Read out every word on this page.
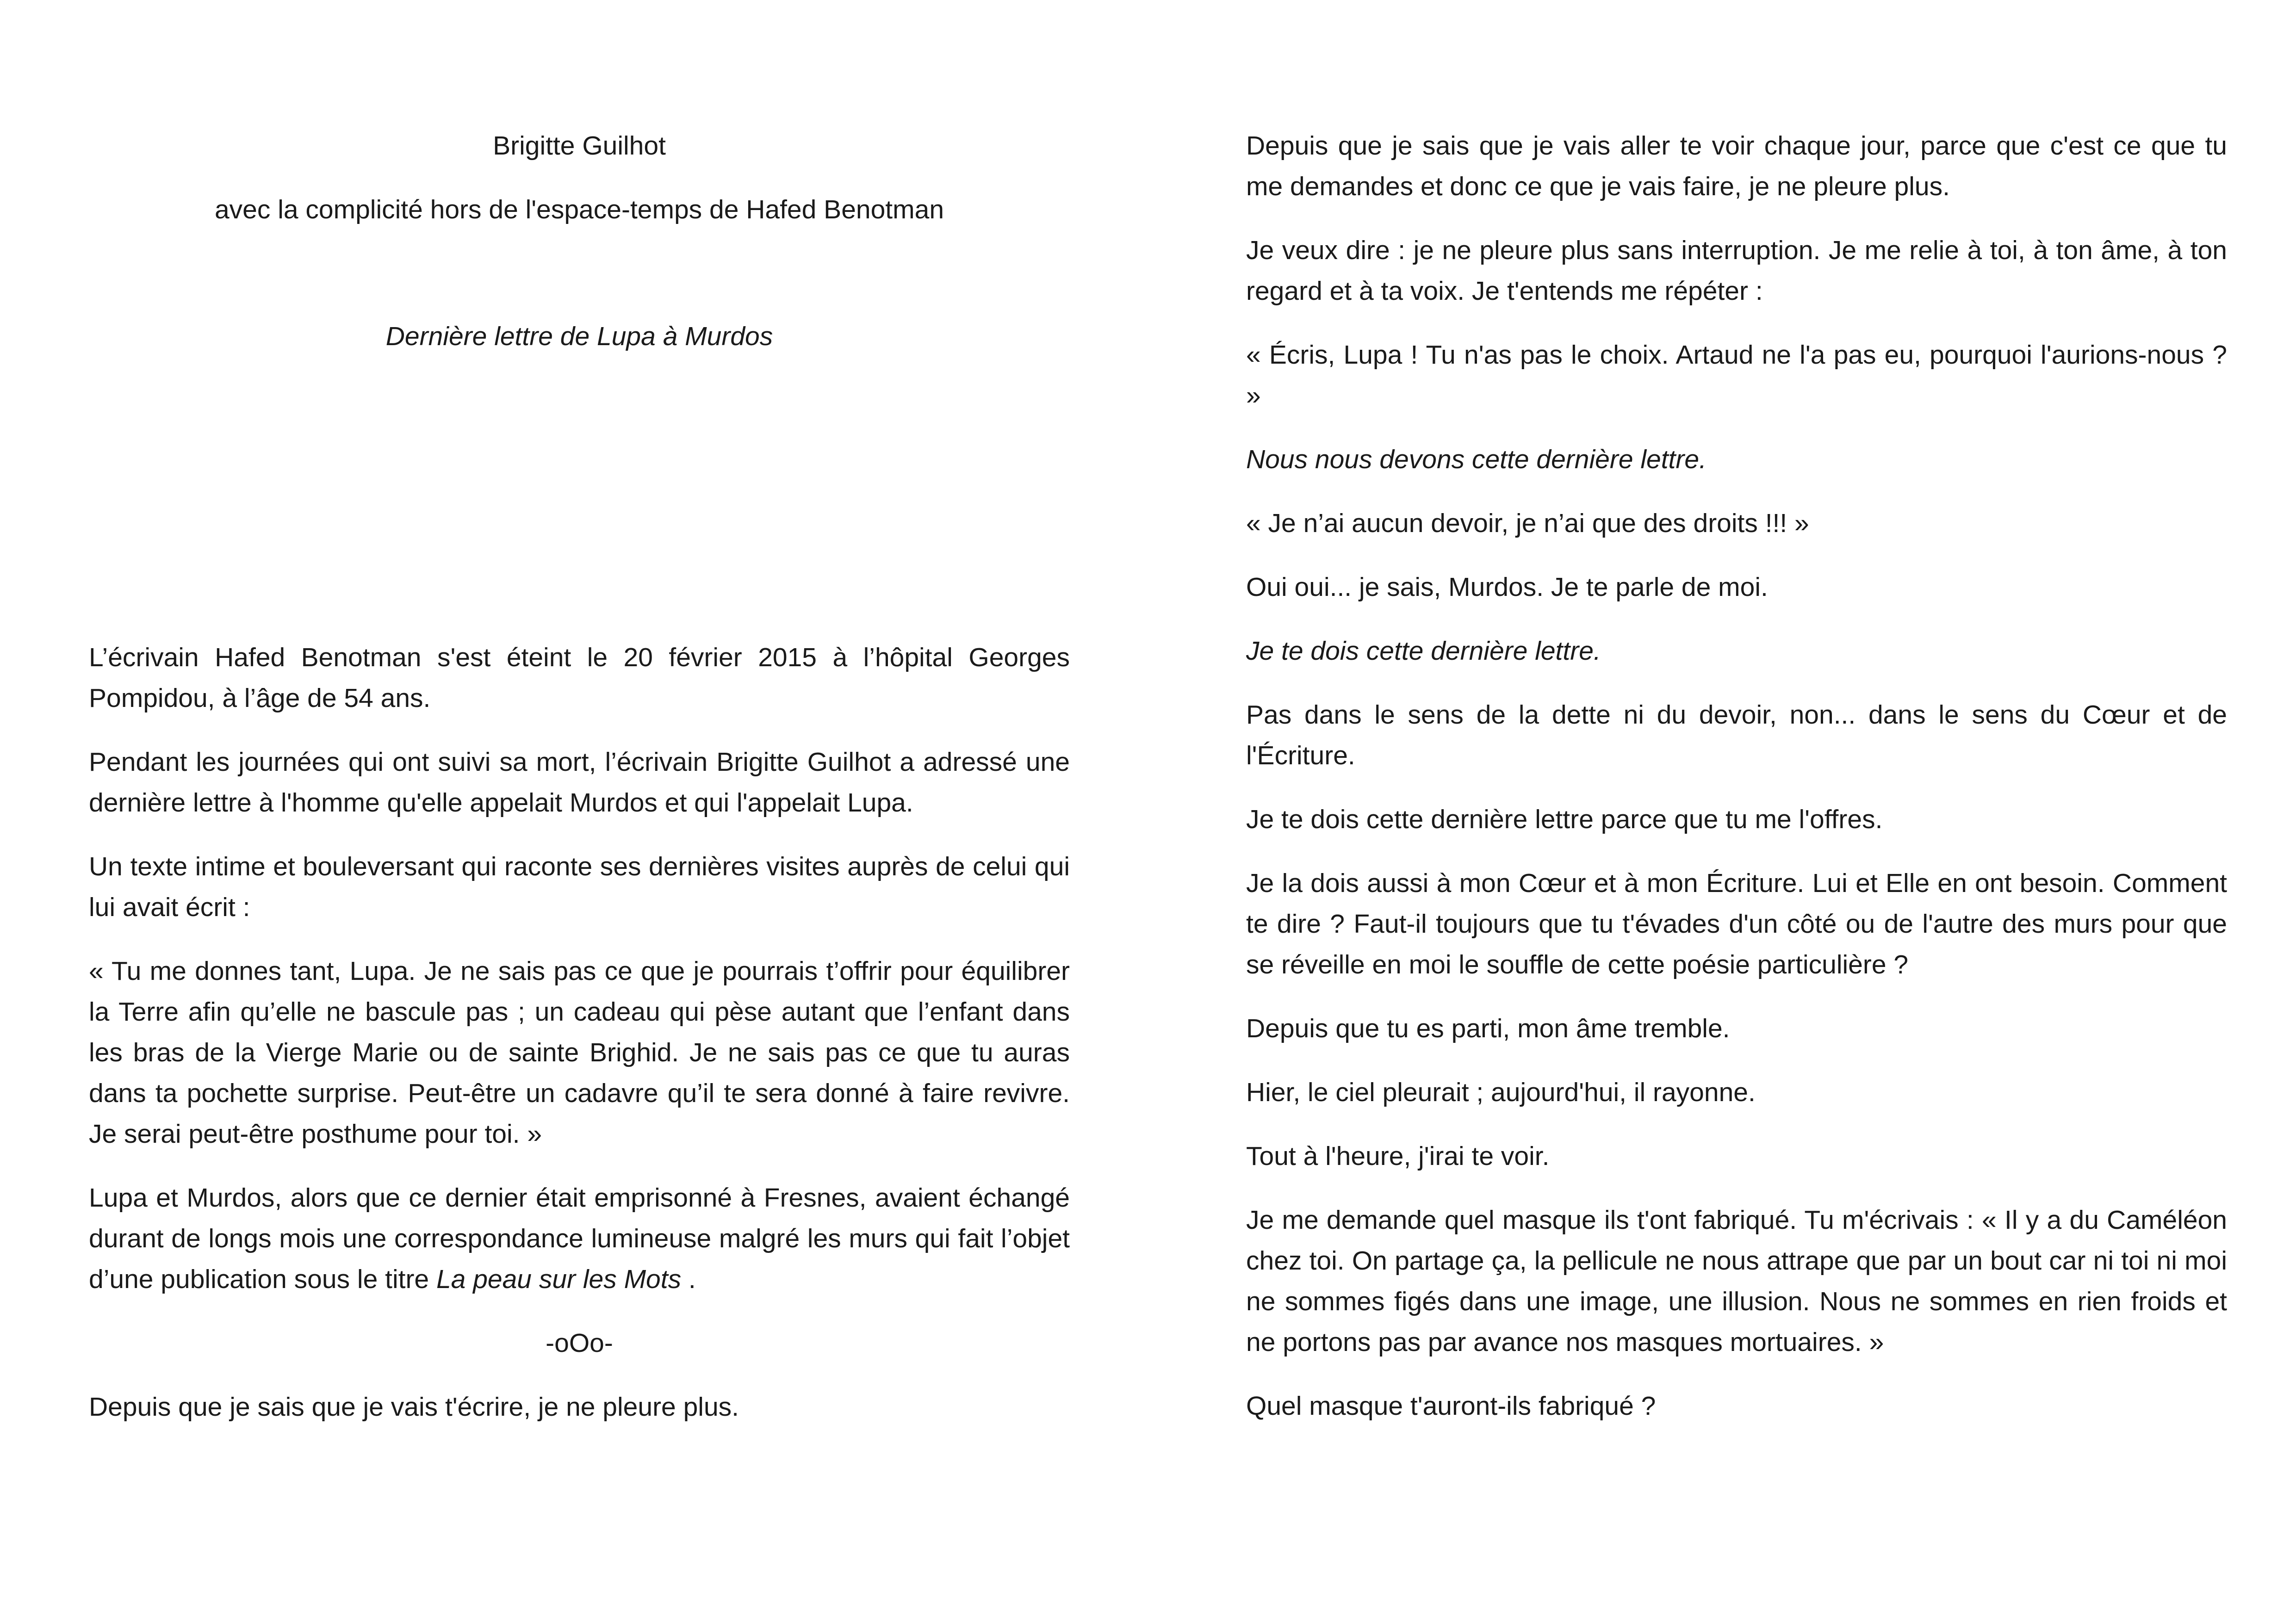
Brigitte Guilhot

avec la complicité hors de l'espace-temps de Hafed Benotman

Dernière lettre de Lupa à Murdos

L’écrivain Hafed Benotman s'est éteint le 20 février 2015 à l’hôpital Georges Pompidou, à l’âge de 54 ans.

Pendant les journées qui ont suivi sa mort, l’écrivain Brigitte Guilhot a adressé une dernière lettre à l'homme qu'elle appelait Murdos et qui l'appelait Lupa.

Un texte intime et bouleversant qui raconte ses dernières visites auprès de celui qui lui avait écrit :

« Tu me donnes tant, Lupa. Je ne sais pas ce que je pourrais t’offrir pour équilibrer la Terre afin qu’elle ne bascule pas ; un cadeau qui pèse autant que l’enfant dans les bras de la Vierge Marie ou de sainte Brighid. Je ne sais pas ce que tu auras dans ta pochette surprise. Peut-être un cadavre qu’il te sera donné à faire revivre. Je serai peut-être posthume pour toi. »

Lupa et Murdos, alors que ce dernier était emprisonné à Fresnes, avaient échangé durant de longs mois une correspondance lumineuse malgré les murs qui fait l’objet d’une publication sous le titre La peau sur les Mots .

-oOo-

Depuis que je sais que je vais t'écrire, je ne pleure plus.

Depuis que je sais que je vais aller te voir chaque jour, parce que c'est ce que tu me demandes et donc ce que je vais faire, je ne pleure plus.

Je veux dire : je ne pleure plus sans interruption. Je me relie à toi, à ton âme, à ton regard et à ta voix. Je t'entends me répéter :

« Écris, Lupa ! Tu n'as pas le choix. Artaud ne l'a pas eu, pourquoi l'aurions-nous ? »

Nous nous devons cette dernière lettre.

« Je n’ai aucun devoir, je n’ai que des droits !!! »

Oui oui... je sais, Murdos. Je te parle de moi.

Je te dois cette dernière lettre.

Pas dans le sens de la dette ni du devoir, non... dans le sens du Cœur et de l'Écriture.

Je te dois cette dernière lettre parce que tu me l'offres.

Je la dois aussi à mon Cœur et à mon Écriture. Lui et Elle en ont besoin. Comment te dire ? Faut-il toujours que tu t'évades d'un côté ou de l'autre des murs pour que se réveille en moi le souffle de cette poésie particulière ?

Depuis que tu es parti, mon âme tremble.

Hier, le ciel pleurait ; aujourd'hui, il rayonne.

Tout à l'heure, j'irai te voir.

Je me demande quel masque ils t'ont fabriqué. Tu m'écrivais : « Il y a du Caméléon chez toi. On partage ça, la pellicule ne nous attrape que par un bout car ni toi ni moi ne sommes figés dans une image, une illusion. Nous ne sommes en rien froids et ne portons pas par avance nos masques mortuaires. »

Quel masque t'auront-ils fabriqué ?
